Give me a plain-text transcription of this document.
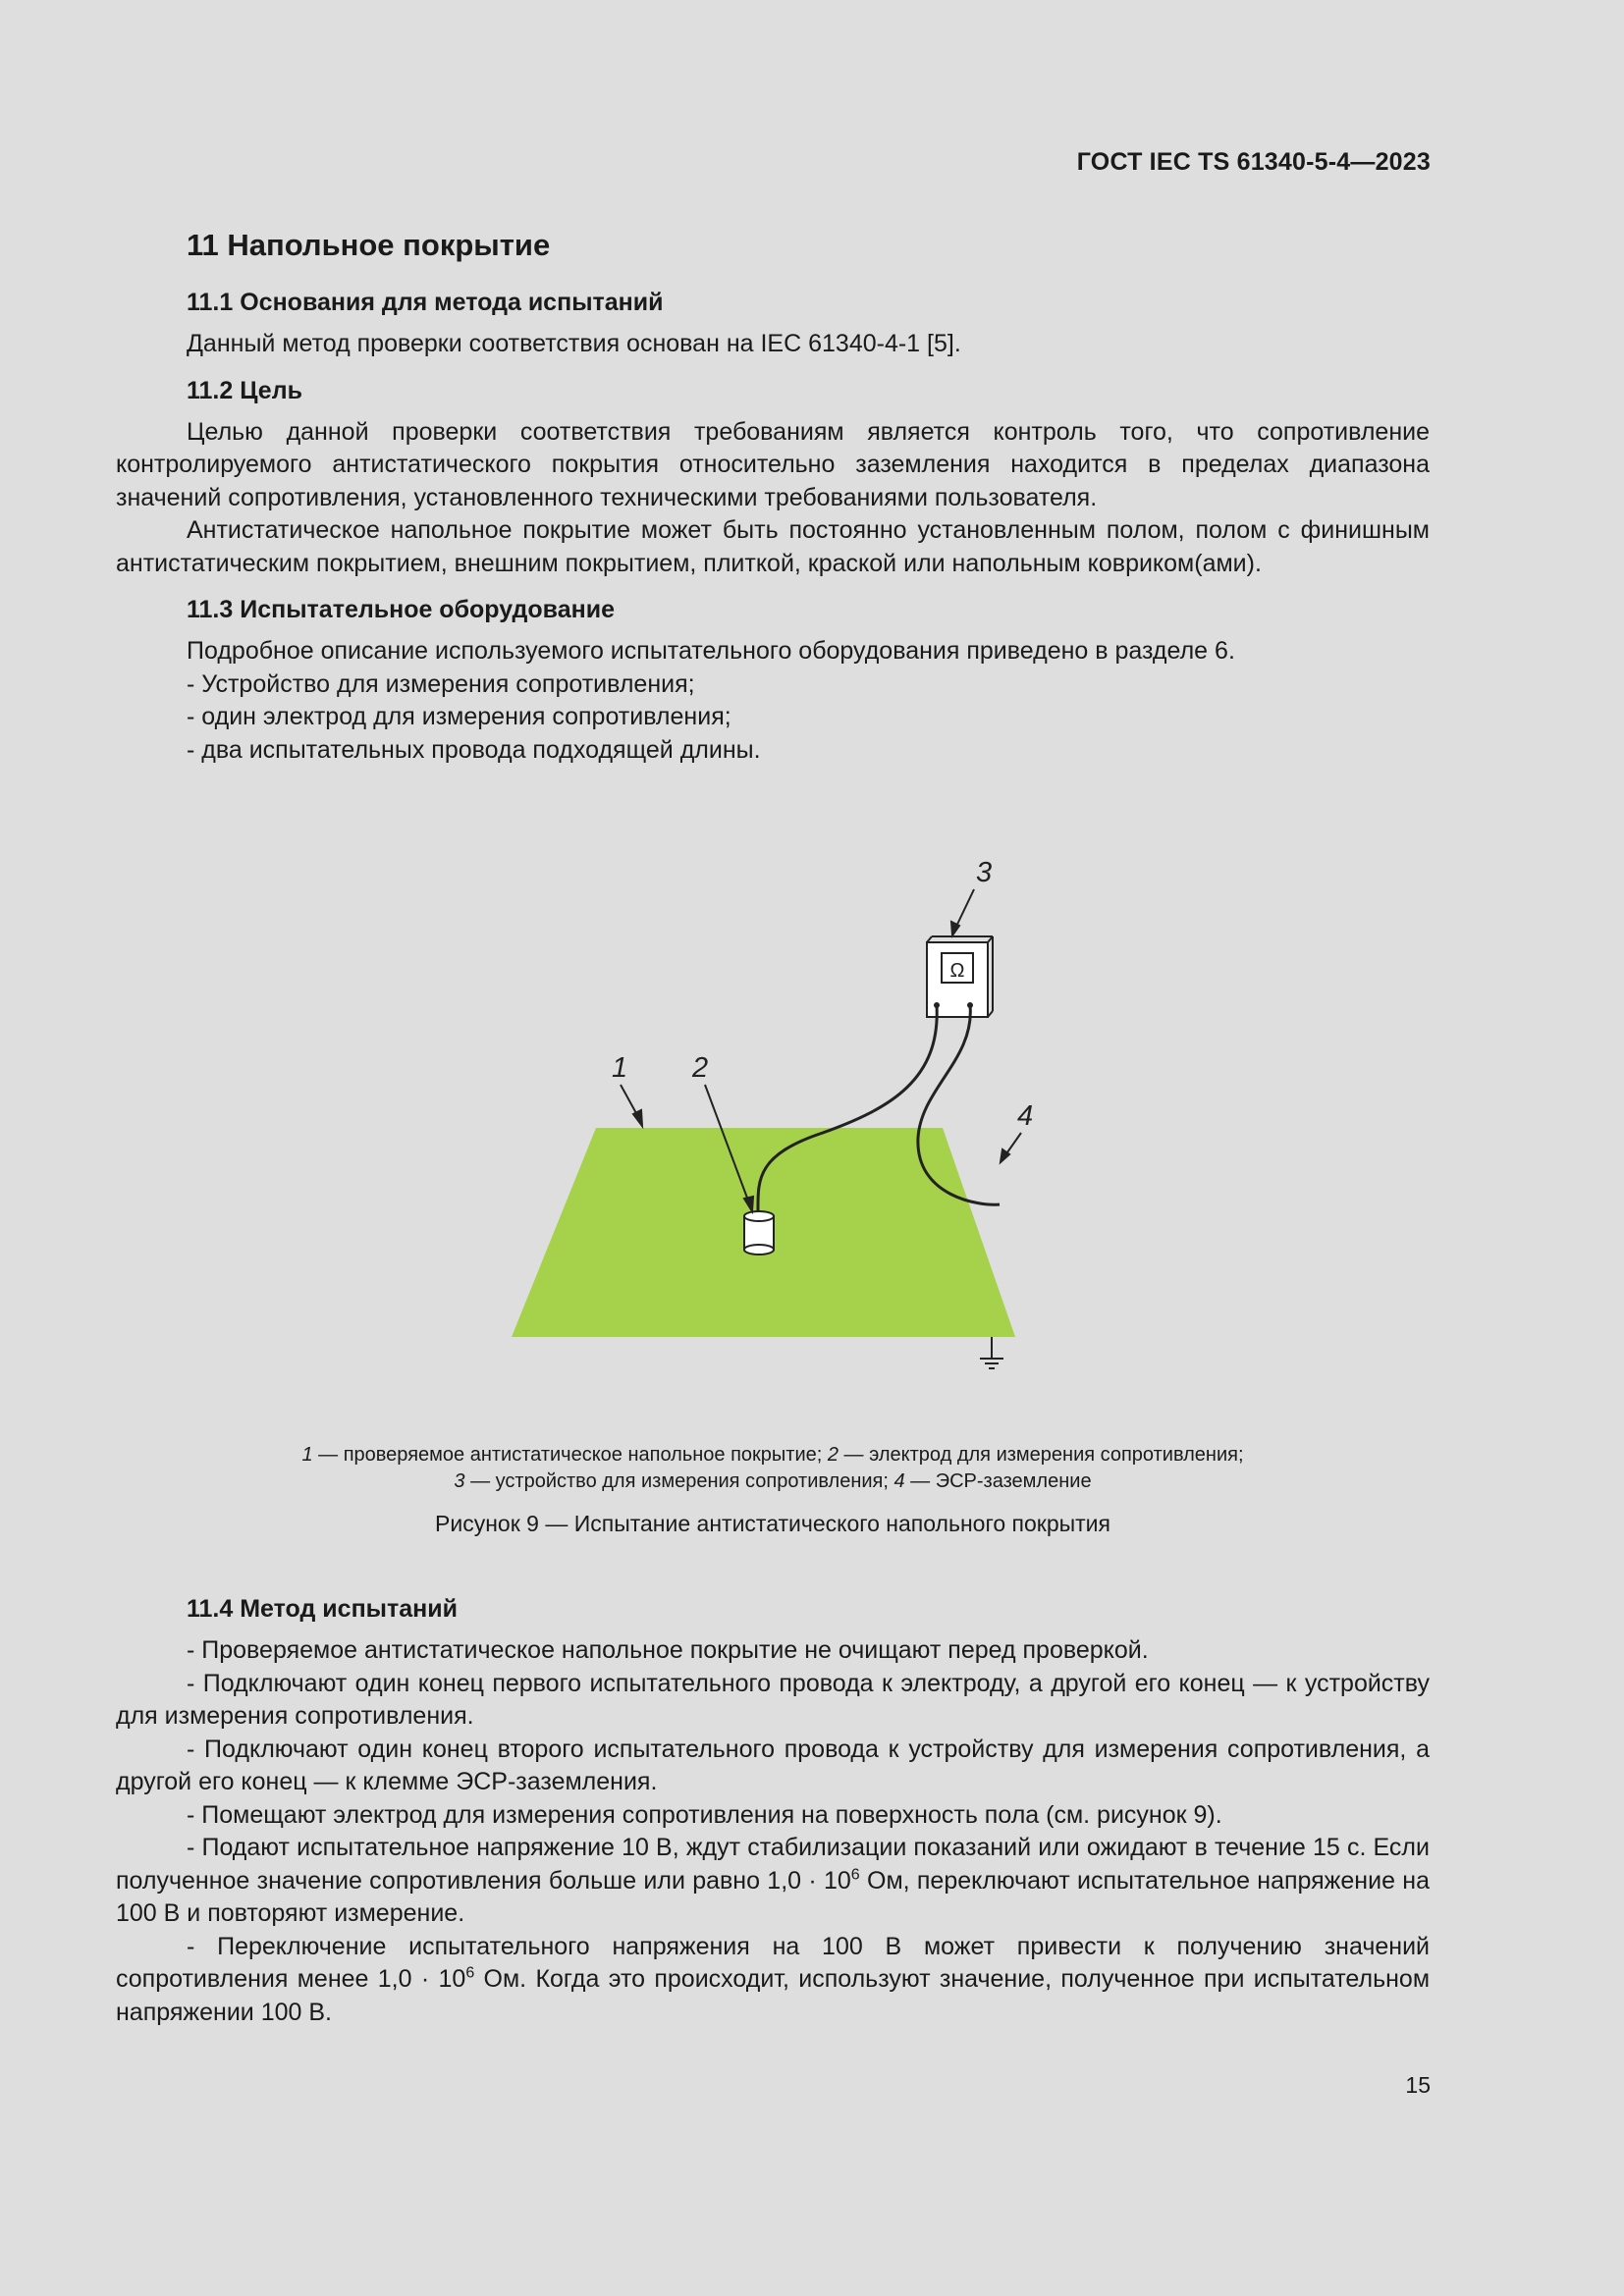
ГОСТ IEC TS 61340-5-4—2023
11 Напольное покрытие
11.1 Основания для метода испытаний

Данный метод проверки соответствия основан на IEC 61340-4-1 [5].

11.2 Цель

Целью данной проверки соответствия требованиям является контроль того, что сопротивление контролируемого антистатического покрытия относительно заземления находится в пределах диапазона значений сопротивления, установленного техническими требованиями пользователя.

Антистатическое напольное покрытие может быть постоянно установленным полом, полом с финишным антистатическим покрытием, внешним покрытием, плиткой, краской или напольным ковриком(ами).

11.3 Испытательное оборудование

Подробное описание используемого испытательного оборудования приведено в разделе 6.

- Устройство для измерения сопротивления;
- один электрод для измерения сопротивления;
- два испытательных провода подходящей длины.
Ω
1 2
3
4
1 — проверяемое антистатическое напольное покрытие; 2 — электрод для измерения сопротивления;
3 — устройство для измерения сопротивления; 4 — ЭСР-заземление
Рисунок 9 — Испытание антистатического напольного покрытия
11.4 Метод испытаний

- Проверяемое антистатическое напольное покрытие не очищают перед проверкой.

- Подключают один конец первого испытательного провода к электроду, а другой его конец — к устройству для измерения сопротивления.

- Подключают один конец второго испытательного провода к устройству для измерения сопротивления, а другой его конец — к клемме ЭСР-заземления.

- Помещают электрод для измерения сопротивления на поверхность пола (см. рисунок 9).

- Подают испытательное напряжение 10 В, ждут стабилизации показаний или ожидают в течение 15 с. Если полученное значение сопротивления больше или равно $1,0 \cdot 10^6$ Ом, переключают испытательное напряжение на 100 В и повторяют измерение.

- Переключение испытательного напряжения на 100 В может привести к получению значений сопротивления менее $1,0 \cdot 10^6$ Ом. Когда это происходит, используют значение, полученное при испытательном напряжении 100 В.

15
